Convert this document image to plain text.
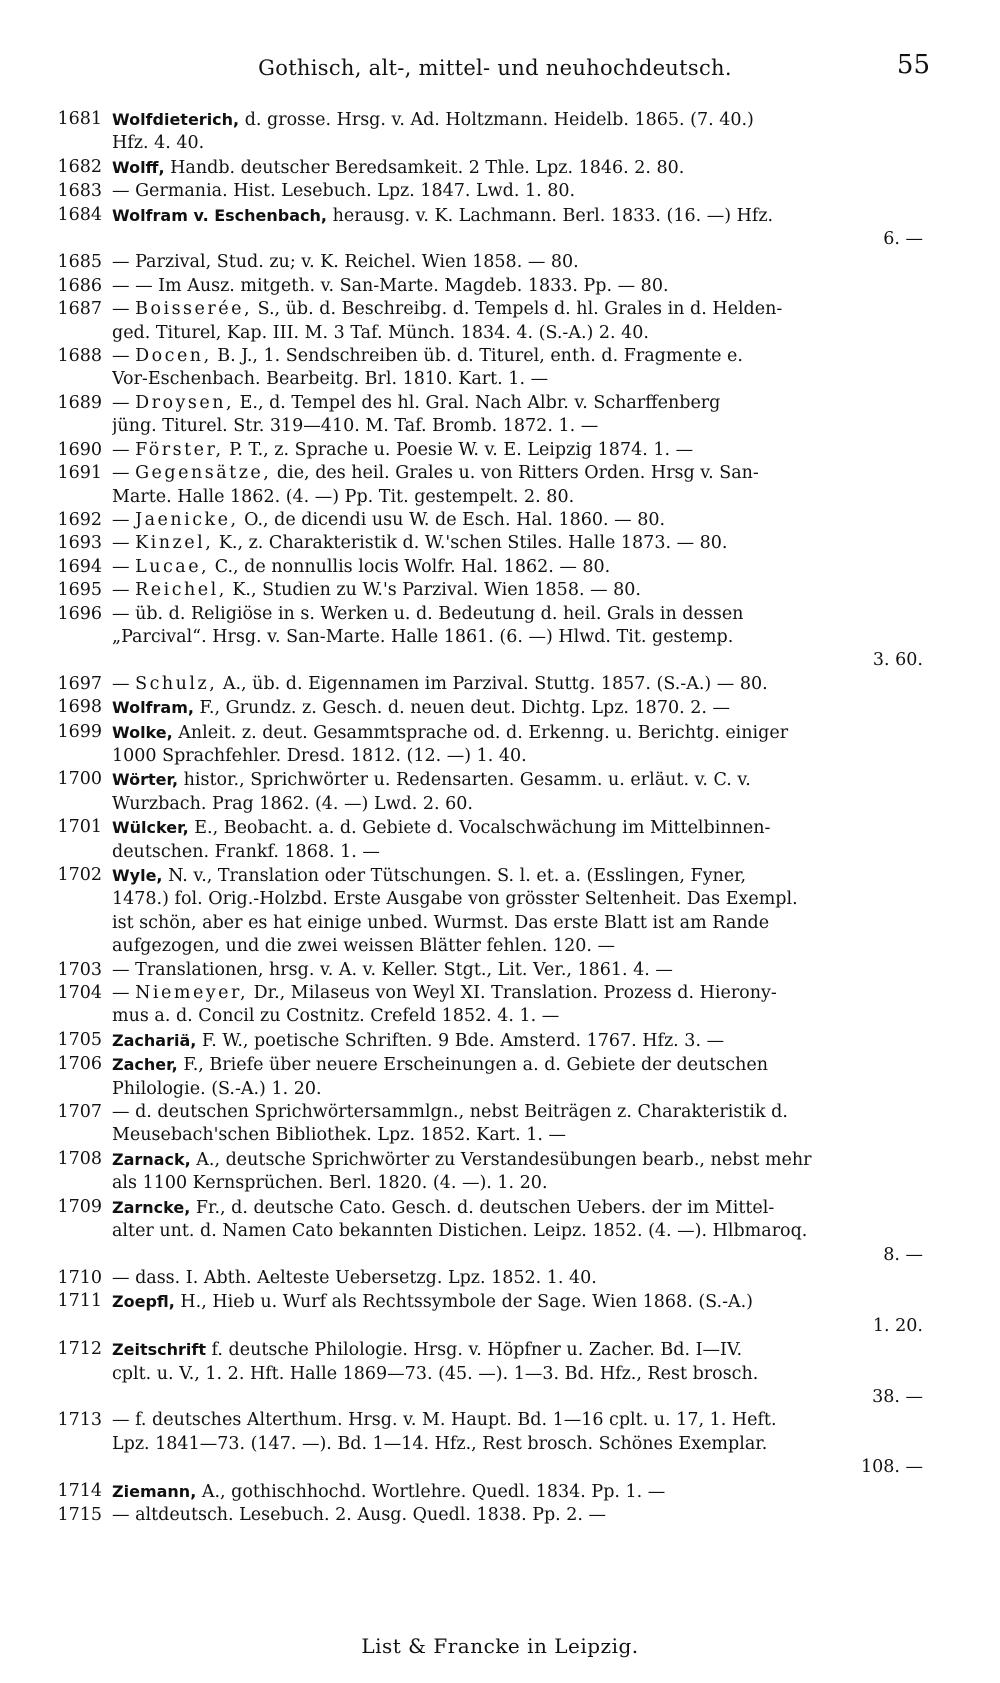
Gothisch, alt-, mittel- und neuhochdeutsch.	55
1681 Wolfdieterich, d. grosse. Hrsg. v. Ad. Holtzmann. Heidelb. 1865. (7. 40.)
Hfz. 4. 40.
1682 Wolff, Handb. deutscher Beredsamkeit. 2 Thle. Lpz. 1846. 2. 80.
1683 — Germania. Hist. Lesebuch. Lpz. 1847. Lwd. 1. 80.
1684 Wolfram v. Eschenbach, herausg. v. K. Lachmann. Berl. 1833. (16. —) Hfz.
6. —
1685 — Parzival, Stud. zu; v. K. Reichel. Wien 1858. — 80.
1686 — — Im Ausz. mitgeth. v. San-Marte. Magdeb. 1833. Pp. — 80.
1687 — Boisserée, S., üb. d. Beschreibg. d. Tempels d. hl. Grales in d. Helden-
ged. Titurel, Kap. III. M. 3 Taf. Münch. 1834. 4. (S.-A.) 2. 40.
1688 — Docen, B. J., 1. Sendschreiben üb. d. Titurel, enth. d. Fragmente e.
Vor-Eschenbach. Bearbeitg. Brl. 1810. Kart. 1. —
1689 — Droysen, E., d. Tempel des hl. Gral. Nach Albr. v. Scharffenberg
jüng. Titurel. Str. 319—410. M. Taf. Bromb. 1872. 1. —
1690 — Förster, P. T., z. Sprache u. Poesie W. v. E. Leipzig 1874. 1. —
1691 — Gegensätze, die, des heil. Grales u. von Ritters Orden. Hrsg v. San-
Marte. Halle 1862. (4. —) Pp. Tit. gestempelt. 2. 80.
1692 — Jaenicke, O., de dicendi usu W. de Esch. Hal. 1860. — 80.
1693 — Kinzel, K., z. Charakteristik d. W.'schen Stiles. Halle 1873. — 80.
1694 — Lucae, C., de nonnullis locis Wolfr. Hal. 1862. — 80.
1695 — Reichel, K., Studien zu W.'s Parzival. Wien 1858. — 80.
1696 — üb. d. Religiöse in s. Werken u. d. Bedeutung d. heil. Grals in dessen
„Parcival“. Hrsg. v. San-Marte. Halle 1861. (6. —) Hlwd. Tit. gestemp.
3. 60.
1697 — Schulz, A., üb. d. Eigennamen im Parzival. Stuttg. 1857. (S.-A.) — 80.
1698 Wolfram, F., Grundz. z. Gesch. d. neuen deut. Dichtg. Lpz. 1870. 2. —
1699 Wolke, Anleit. z. deut. Gesammtsprache od. d. Erkenng. u. Berichtg. einiger
1000 Sprachfehler. Dresd. 1812. (12. —) 1. 40.
1700 Wörter, histor., Sprichwörter u. Redensarten. Gesamm. u. erläut. v. C. v.
Wurzbach. Prag 1862. (4. —) Lwd. 2. 60.
1701 Wülcker, E., Beobacht. a. d. Gebiete d. Vocalschwächung im Mittelbinnen-
deutschen. Frankf. 1868. 1. —
1702 Wyle, N. v., Translation oder Tütschungen. S. l. et. a. (Esslingen, Fyner,
1478.) fol. Orig.-Holzbd. Erste Ausgabe von grösster Seltenheit. Das Exempl.
ist schön, aber es hat einige unbed. Wurmst. Das erste Blatt ist am Rande
aufgezogen, und die zwei weissen Blätter fehlen. 120. —
1703 — Translationen, hrsg. v. A. v. Keller. Stgt., Lit. Ver., 1861. 4. —
1704 — Niemeyer, Dr., Milaseus von Weyl XI. Translation. Prozess d. Hierony-
mus a. d. Concil zu Costnitz. Crefeld 1852. 4. 1. —
1705 Zachariä, F. W., poetische Schriften. 9 Bde. Amsterd. 1767. Hfz. 3. —
1706 Zacher, F., Briefe über neuere Erscheinungen a. d. Gebiete der deutschen
Philologie. (S.-A.) 1. 20.
1707 — d. deutschen Sprichwörtersammlgn., nebst Beiträgen z. Charakteristik d.
Meusebach'schen Bibliothek. Lpz. 1852. Kart. 1. —
1708 Zarnack, A., deutsche Sprichwörter zu Verstandesübungen bearb., nebst mehr
als 1100 Kernsprüchen. Berl. 1820. (4. —). 1. 20.
1709 Zarncke, Fr., d. deutsche Cato. Gesch. d. deutschen Uebers. der im Mittel-
alter unt. d. Namen Cato bekannten Distichen. Leipz. 1852. (4. —). Hlbmaroq.
8. —
1710 — dass. I. Abth. Aelteste Uebersetzg. Lpz. 1852. 1. 40.
1711 Zoepfl, H., Hieb u. Wurf als Rechtssymbole der Sage. Wien 1868. (S.-A.)
1. 20.
1712 Zeitschrift f. deutsche Philologie. Hrsg. v. Höpfner u. Zacher. Bd. I—IV.
cplt. u. V., 1. 2. Hft. Halle 1869—73. (45. —). 1—3. Bd. Hfz., Rest brosch.
38. —
1713 — f. deutsches Alterthum. Hrsg. v. M. Haupt. Bd. 1—16 cplt. u. 17, 1. Heft.
Lpz. 1841—73. (147. —). Bd. 1—14. Hfz., Rest brosch. Schönes Exemplar.
108. —
1714 Ziemann, A., gothischhochd. Wortlehre. Quedl. 1834. Pp. 1. —
1715 — altdeutsch. Lesebuch. 2. Ausg. Quedl. 1838. Pp. 2. —
List & Francke in Leipzig.
